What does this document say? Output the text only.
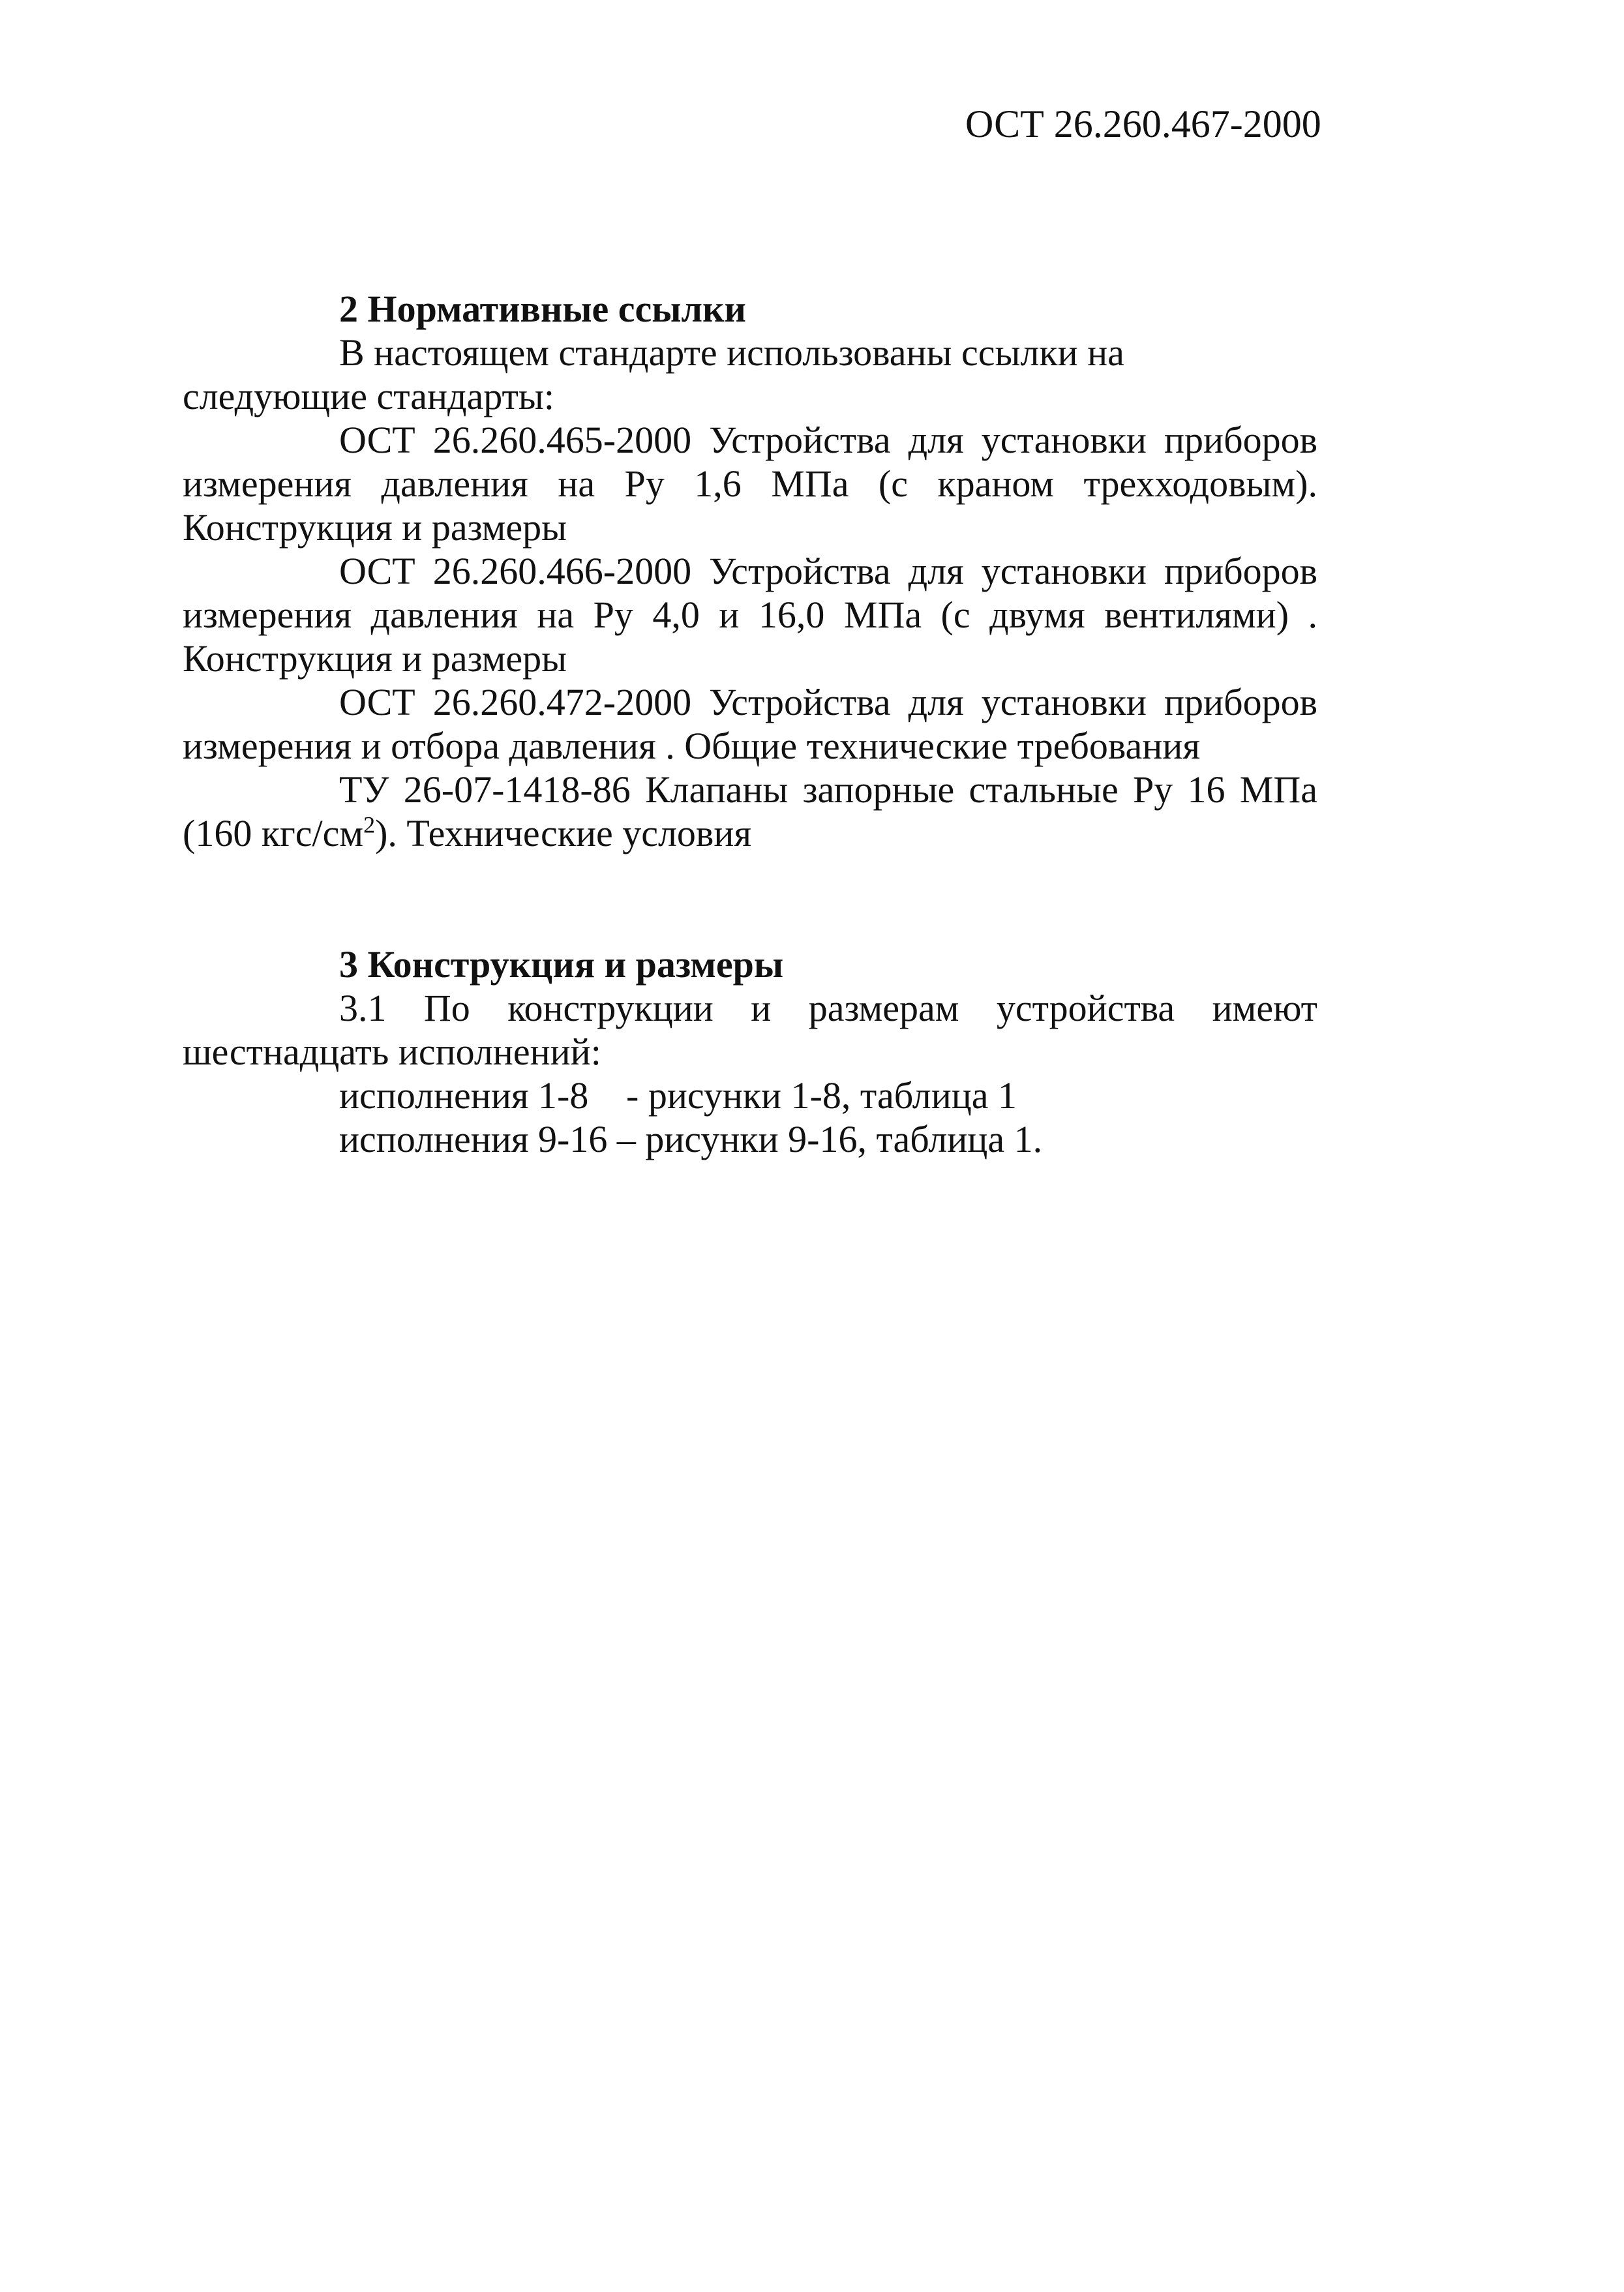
ОСТ 26.260.467-2000
2 Нормативные ссылки

В настоящем стандарте использованы ссылки на следующие стандарты:

ОСТ 26.260.465-2000 Устройства для установки приборов измерения давления на Ру 1,6 МПа (с краном трехходовым). Конструкция и размеры

ОСТ 26.260.466-2000 Устройства для установки приборов измерения давления на Ру 4,0 и 16,0 МПа (с двумя вентилями) . Конструкция и размеры

ОСТ 26.260.472-2000 Устройства для установки приборов измерения и отбора давления . Общие технические требования

ТУ 26-07-1418-86 Клапаны запорные стальные Ру 16 МПа (160 кгс/$см^2$). Технические условия

3 Конструкция и размеры

3.1 По конструкции и размерам устройства имеют шестнадцать исполнений:

исполнения 1-8 - рисунки 1-8, таблица 1
исполнения 9-16 – рисунки 9-16, таблица 1.
